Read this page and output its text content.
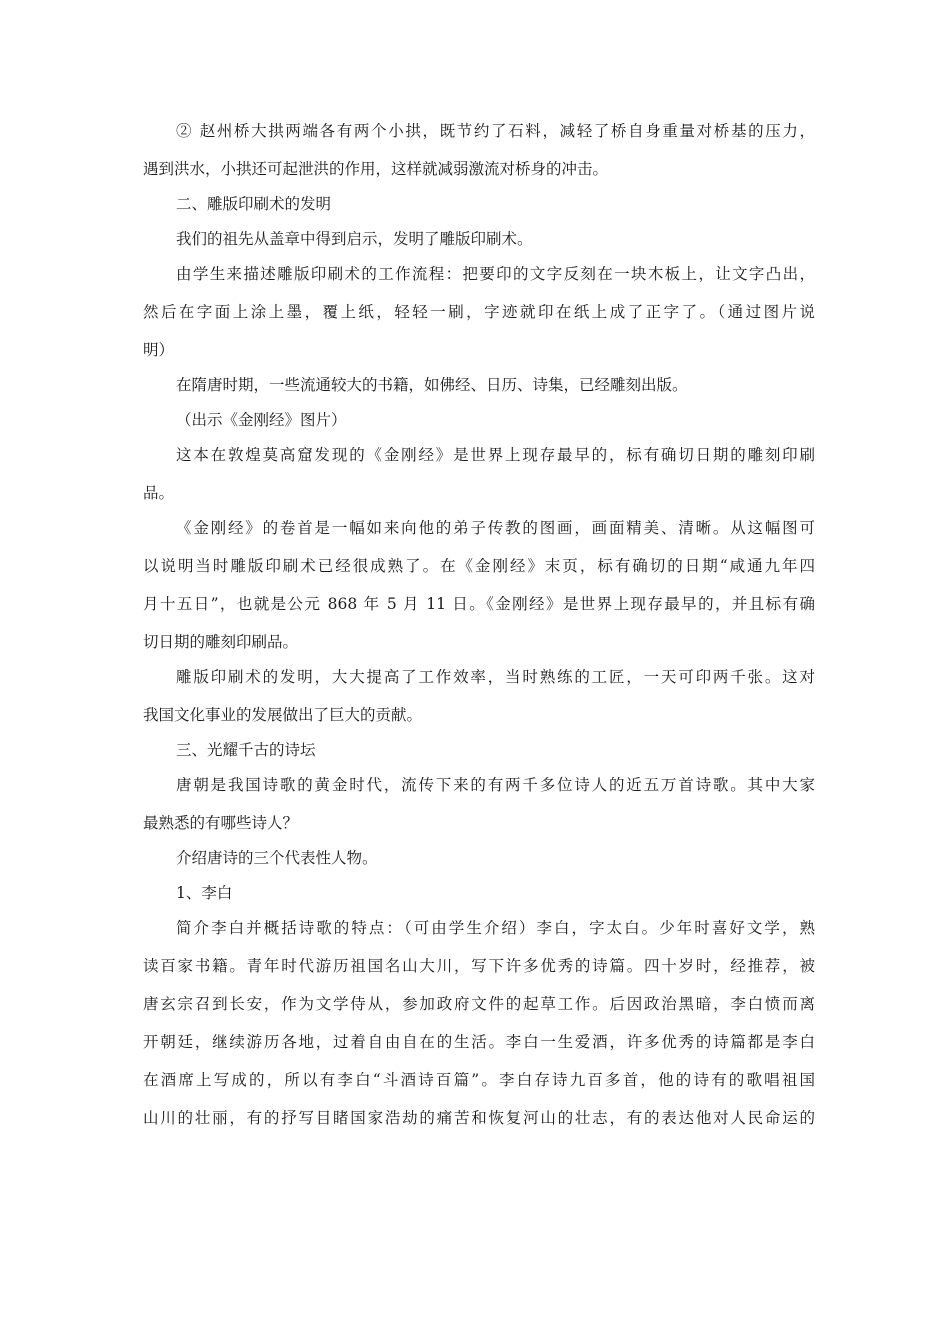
② 赵州桥大拱两端各有两个小拱，既节约了石料，减轻了桥自身重量对桥基的压力，
遇到洪水，小拱还可起泄洪的作用，这样就减弱激流对桥身的冲击。
二、雕版印刷术的发明
我们的祖先从盖章中得到启示，发明了雕版印刷术。
由学生来描述雕版印刷术的工作流程：把要印的文字反刻在一块木板上，让文字凸出，
然后在字面上涂上墨，覆上纸，轻轻一刷，字迹就印在纸上成了正字了。（通过图片说
明）
在隋唐时期，一些流通较大的书籍，如佛经、日历、诗集，已经雕刻出版。
（出示《金刚经》图片）
这本在敦煌莫高窟发现的《金刚经》是世界上现存最早的，标有确切日期的雕刻印刷
品。
《金刚经》的卷首是一幅如来向他的弟子传教的图画，画面精美、清晰。从这幅图可
以说明当时雕版印刷术已经很成熟了。在《金刚经》末页，标有确切的日期“咸通九年四
月十五日”，也就是公元 868 年 5 月 11 日。《金刚经》是世界上现存最早的，并且标有确
切日期的雕刻印刷品。
雕版印刷术的发明，大大提高了工作效率，当时熟练的工匠，一天可印两千张。这对
我国文化事业的发展做出了巨大的贡献。
三、光耀千古的诗坛
唐朝是我国诗歌的黄金时代，流传下来的有两千多位诗人的近五万首诗歌。其中大家
最熟悉的有哪些诗人？
介绍唐诗的三个代表性人物。
1、李白
简介李白并概括诗歌的特点：（可由学生介绍）李白，字太白。少年时喜好文学，熟
读百家书籍。青年时代游历祖国名山大川，写下许多优秀的诗篇。四十岁时，经推荐，被
唐玄宗召到长安，作为文学侍从，参加政府文件的起草工作。后因政治黑暗，李白愤而离
开朝廷，继续游历各地，过着自由自在的生活。李白一生爱酒，许多优秀的诗篇都是李白
在酒席上写成的，所以有李白“斗酒诗百篇”。李白存诗九百多首，他的诗有的歌唱祖国
山川的壮丽，有的抒写目睹国家浩劫的痛苦和恢复河山的壮志，有的表达他对人民命运的
